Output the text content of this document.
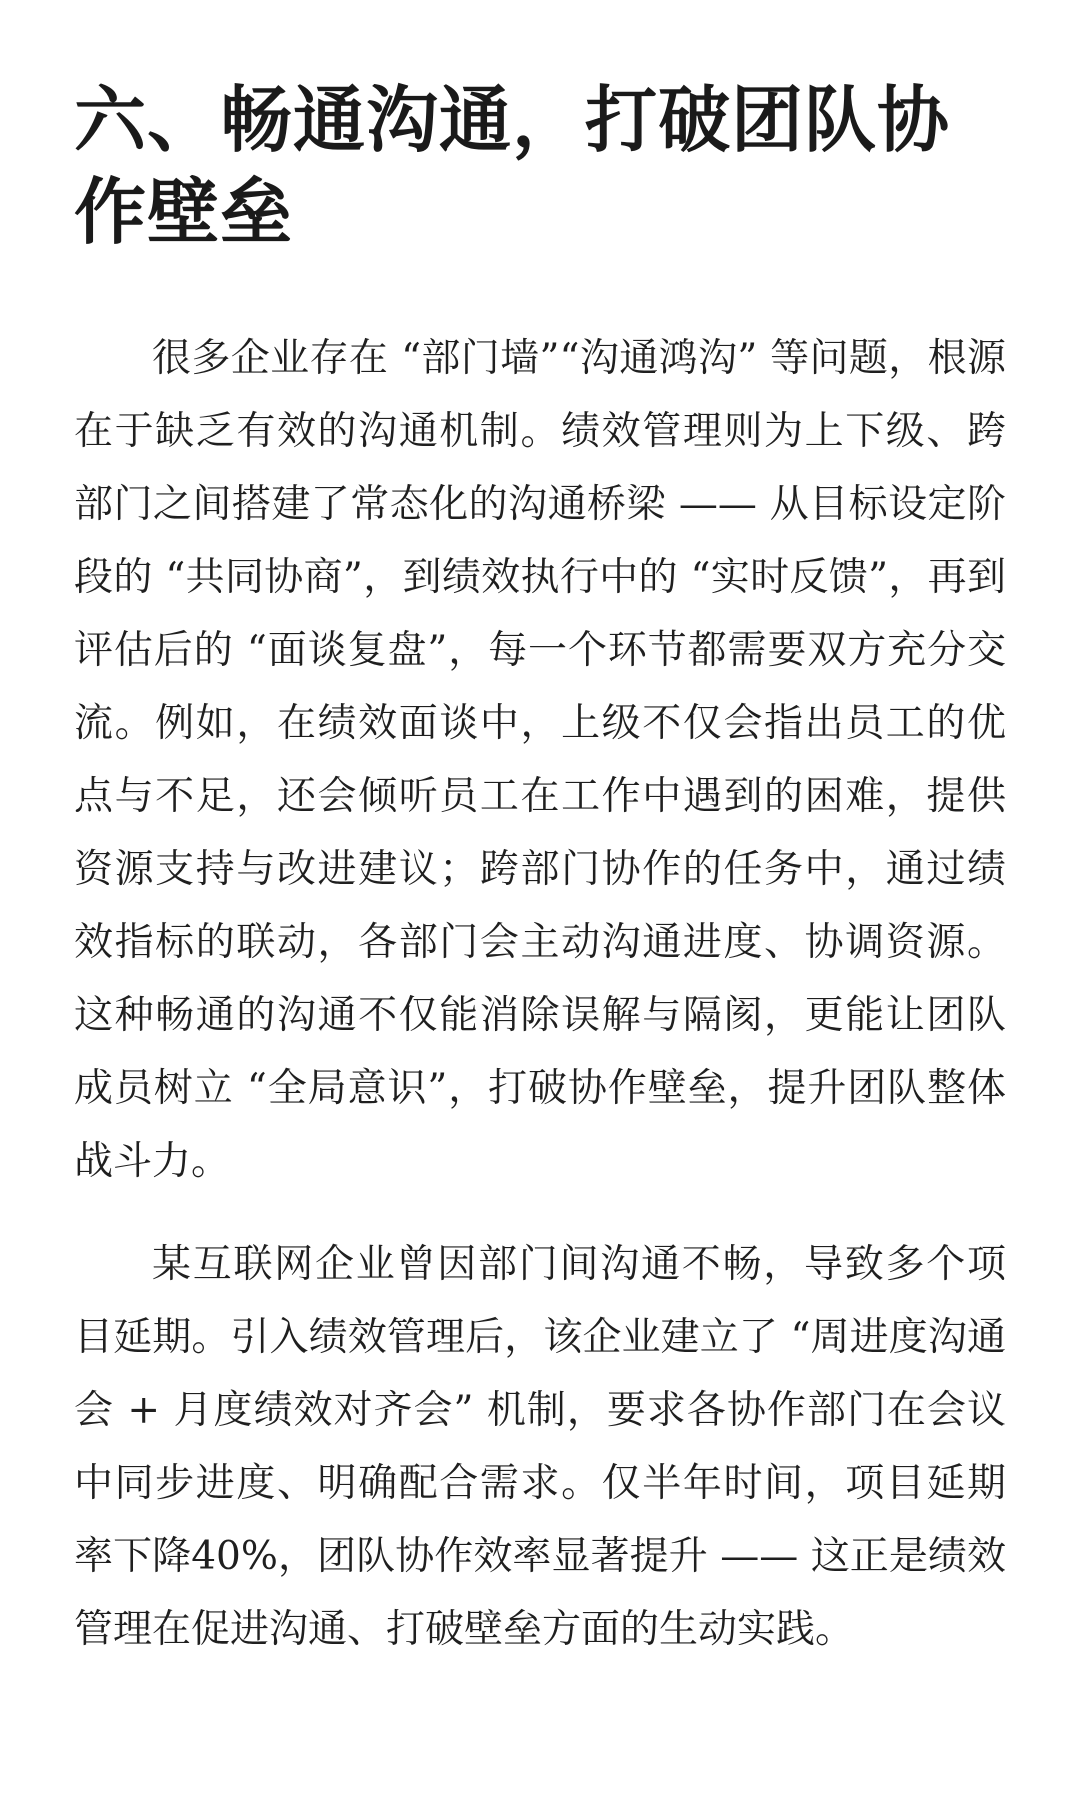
六、畅通沟通，打破团队协作壁垒

很多企业存在 “部门墙”“沟通鸿沟” 等问题，根源在于缺乏有效的沟通机制。绩效管理则为上下级、跨部门之间搭建了常态化的沟通桥梁 —— 从目标设定阶段的 “共同协商”，到绩效执行中的 “实时反馈”，再到评估后的 “面谈复盘”，每一个环节都需要双方充分交流。例如，在绩效面谈中，上级不仅会指出员工的优点与不足，还会倾听员工在工作中遇到的困难，提供资源支持与改进建议；跨部门协作的任务中，通过绩效指标的联动，各部门会主动沟通进度、协调资源。这种畅通的沟通不仅能消除误解与隔阂，更能让团队成员树立 “全局意识”，打破协作壁垒，提升团队整体战斗力。

某互联网企业曾因部门间沟通不畅，导致多个项目延期。引入绩效管理后，该企业建立了 “周进度沟通会 + 月度绩效对齐会” 机制，要求各协作部门在会议中同步进度、明确配合需求。仅半年时间，项目延期率下降40%，团队协作效率显著提升 —— 这正是绩效管理在促进沟通、打破壁垒方面的生动实践。
